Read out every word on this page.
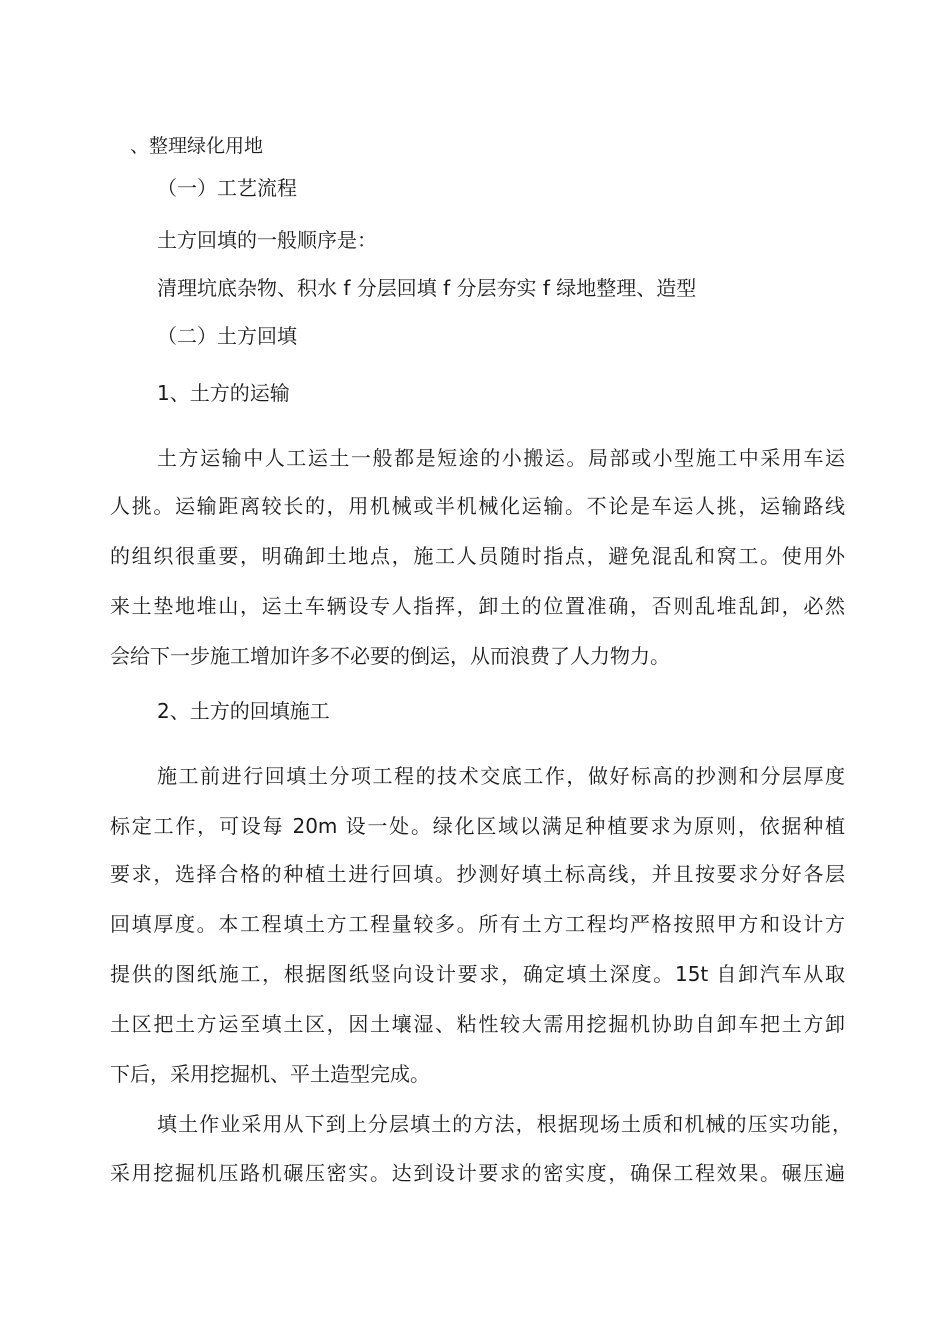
、整理绿化用地

（一）工艺流程

土方回填的一般顺序是：

清理坑底杂物、积水 f 分层回填 f 分层夯实 f 绿地整理、造型

（二）土方回填

1、土方的运输

土方运输中人工运土一般都是短途的小搬运。局部或小型施工中采用车运

人挑。运输距离较长的，用机械或半机械化运输。不论是车运人挑，运输路线

的组织很重要，明确卸土地点，施工人员随时指点，避免混乱和窝工。使用外

来土垫地堆山，运土车辆设专人指挥，卸土的位置准确，否则乱堆乱卸，必然

会给下一步施工增加许多不必要的倒运，从而浪费了人力物力。

2、土方的回填施工

施工前进行回填土分项工程的技术交底工作，做好标高的抄测和分层厚度

标定工作，可设每 20m 设一处。绿化区域以满足种植要求为原则，依据种植

要求，选择合格的种植土进行回填。抄测好填土标高线，并且按要求分好各层

回填厚度。本工程填土方工程量较多。所有土方工程均严格按照甲方和设计方

提供的图纸施工，根据图纸竖向设计要求，确定填土深度。15t 自卸汽车从取

土区把土方运至填土区，因土壤湿、粘性较大需用挖掘机协助自卸车把土方卸

下后，采用挖掘机、平土造型完成。

填土作业采用从下到上分层填土的方法，根据现场土质和机械的压实功能，

采用挖掘机压路机碾压密实。达到设计要求的密实度，确保工程效果。碾压遍
